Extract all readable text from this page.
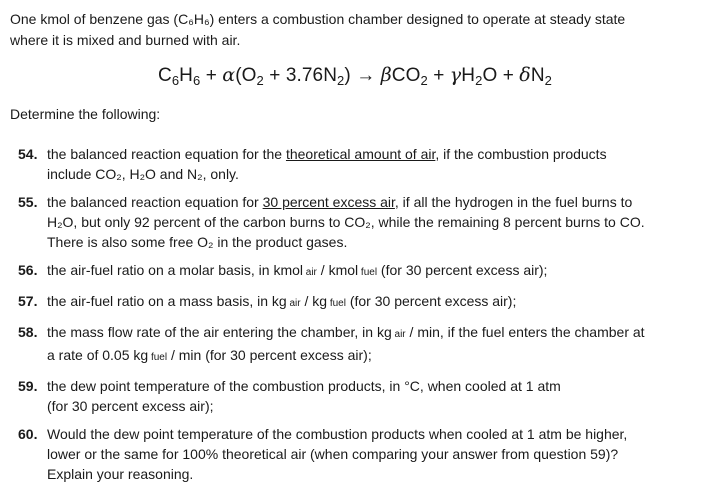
One kmol of benzene gas (C₆H₆) enters a combustion chamber designed to operate at steady state
where it is mixed and burned with air.
$C_6H_6 + \alpha(O_2 + 3.76N_2) \to \beta CO_2 + \gamma H_2O + \delta N_2$
Determine the following:
54. the balanced reaction equation for the theoretical amount of air, if the combustion products
include CO₂, H₂O and N₂, only.
55. the balanced reaction equation for 30 percent excess air, if all the hydrogen in the fuel burns to
H₂O, but only 92 percent of the carbon burns to CO₂, while the remaining 8 percent burns to CO.
There is also some free O₂ in the product gases.
56. the air-fuel ratio on a molar basis, in kmol air / kmol fuel (for 30 percent excess air);
57. the air-fuel ratio on a mass basis, in kg air / kg fuel (for 30 percent excess air);
58. the mass flow rate of the air entering the chamber, in kg air / min, if the fuel enters the chamber at
a rate of 0.05 kg fuel / min (for 30 percent excess air);
59. the dew point temperature of the combustion products, in °C, when cooled at 1 atm
(for 30 percent excess air);
60. Would the dew point temperature of the combustion products when cooled at 1 atm be higher,
lower or the same for 100% theoretical air (when comparing your answer from question 59)?
Explain your reasoning.
